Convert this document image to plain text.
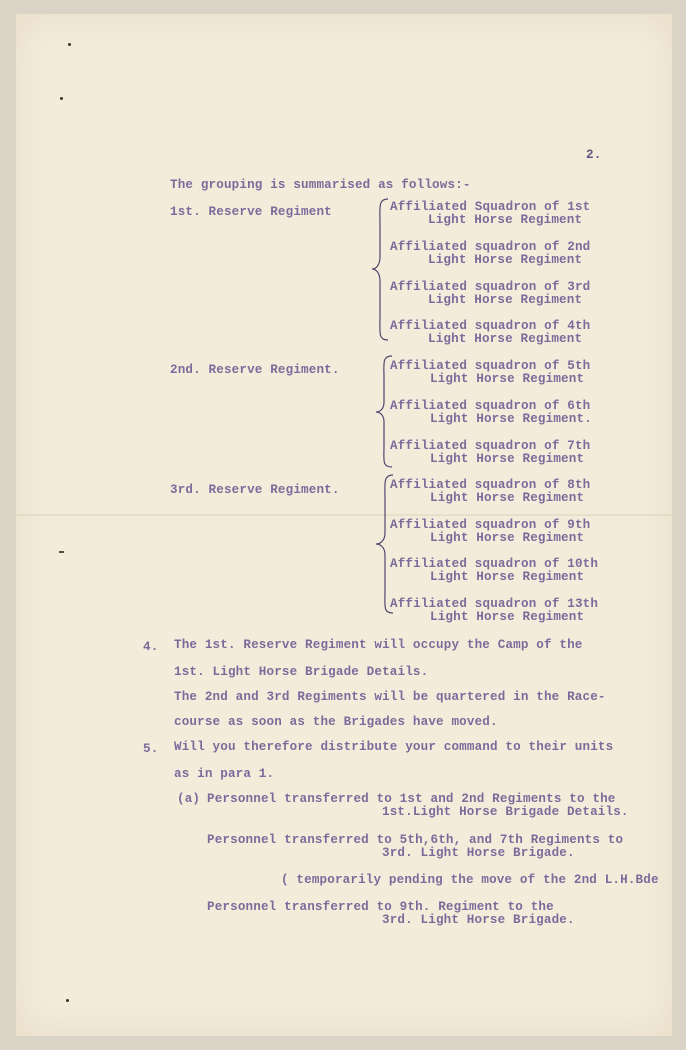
2.
The grouping is summarised as follows:-
1st. Reserve Regiment	Affiliated Squadron of 1st
Light Horse Regiment
Affiliated squadron of 2nd
Light Horse Regiment
Affiliated squadron of 3rd
Light Horse Regiment
Affiliated squadron of 4th
Light Horse Regiment
2nd. Reserve Regiment.	Affiliated squadron of 5th
Light Horse Regiment
Affiliated squadron of 6th
Light Horse Regiment.
Affiliated squadron of 7th
Light Horse Regiment
3rd. Reserve Regiment.	Affiliated squadron of 8th
Light Horse Regiment
Affiliated squadron of 9th
Light Horse Regiment
Affiliated squadron of 10th
Light Horse Regiment
Affiliated squadron of 13th
Light Horse Regiment
4. The 1st. Reserve Regiment will occupy the Camp of the
1st. Light Horse Brigade Details.
The 2nd and 3rd Regiments will be quartered in the Race-
course as soon as the Brigades have moved.
5. Will you therefore distribute your command to their units
as in para 1.
(a) Personnel transferred to 1st and 2nd Regiments to the
1st.Light Horse Brigade Details.
Personnel transferred to 5th,6th, and 7th Regiments to
3rd. Light Horse Brigade.
( temporarily pending the move of the 2nd L.H.Bde
Personnel transferred to 9th. Regiment to the
3rd. Light Horse Brigade.
